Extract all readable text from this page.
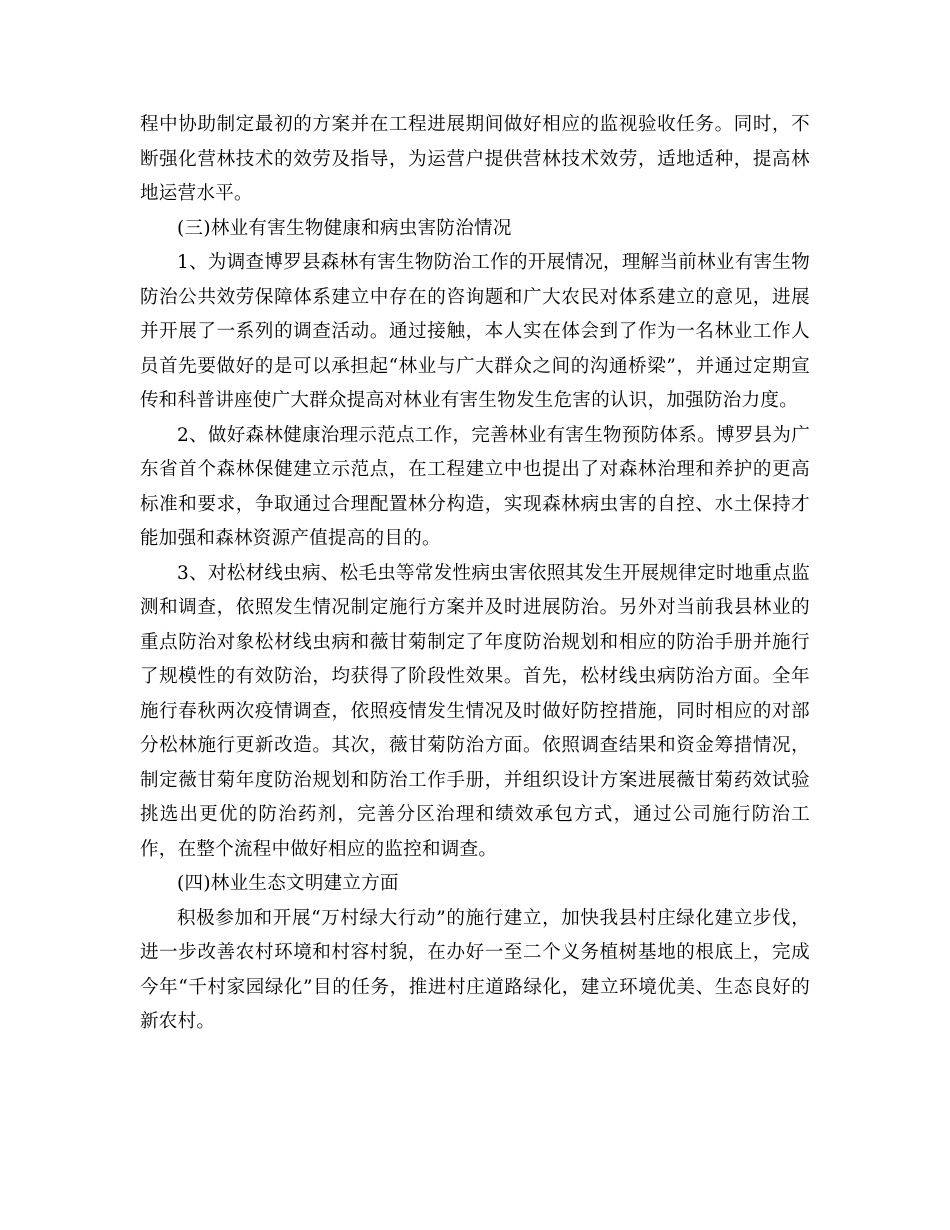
程中协助制定最初的方案并在工程进展期间做好相应的监视验收任务。同时，不断强化营林技术的效劳及指导，为运营户提供营林技术效劳，适地适种，提高林地运营水平。

(三)林业有害生物健康和病虫害防治情况

1、为调查博罗县森林有害生物防治工作的开展情况，理解当前林业有害生物防治公共效劳保障体系建立中存在的咨询题和广大农民对体系建立的意见，进展并开展了一系列的调查活动。通过接触，本人实在体会到了作为一名林业工作人员首先要做好的是可以承担起“林业与广大群众之间的沟通桥梁”，并通过定期宣传和科普讲座使广大群众提高对林业有害生物发生危害的认识，加强防治力度。

2、做好森林健康治理示范点工作，完善林业有害生物预防体系。博罗县为广东省首个森林保健建立示范点，在工程建立中也提出了对森林治理和养护的更高标准和要求，争取通过合理配置林分构造，实现森林病虫害的自控、水土保持才能加强和森林资源产值提高的目的。

3、对松材线虫病、松毛虫等常发性病虫害依照其发生开展规律定时地重点监测和调查，依照发生情况制定施行方案并及时进展防治。另外对当前我县林业的重点防治对象松材线虫病和薇甘菊制定了年度防治规划和相应的防治手册并施行了规模性的有效防治，均获得了阶段性效果。首先，松材线虫病防治方面。全年施行春秋两次疫情调查，依照疫情发生情况及时做好防控措施，同时相应的对部分松林施行更新改造。其次，薇甘菊防治方面。依照调查结果和资金筹措情况，制定薇甘菊年度防治规划和防治工作手册，并组织设计方案进展薇甘菊药效试验挑选出更优的防治药剂，完善分区治理和绩效承包方式，通过公司施行防治工作，在整个流程中做好相应的监控和调查。

(四)林业生态文明建立方面

积极参加和开展“万村绿大行动”的施行建立，加快我县村庄绿化建立步伐，进一步改善农村环境和村容村貌，在办好一至二个义务植树基地的根底上，完成今年“千村家园绿化”目的任务，推进村庄道路绿化，建立环境优美、生态良好的新农村。
